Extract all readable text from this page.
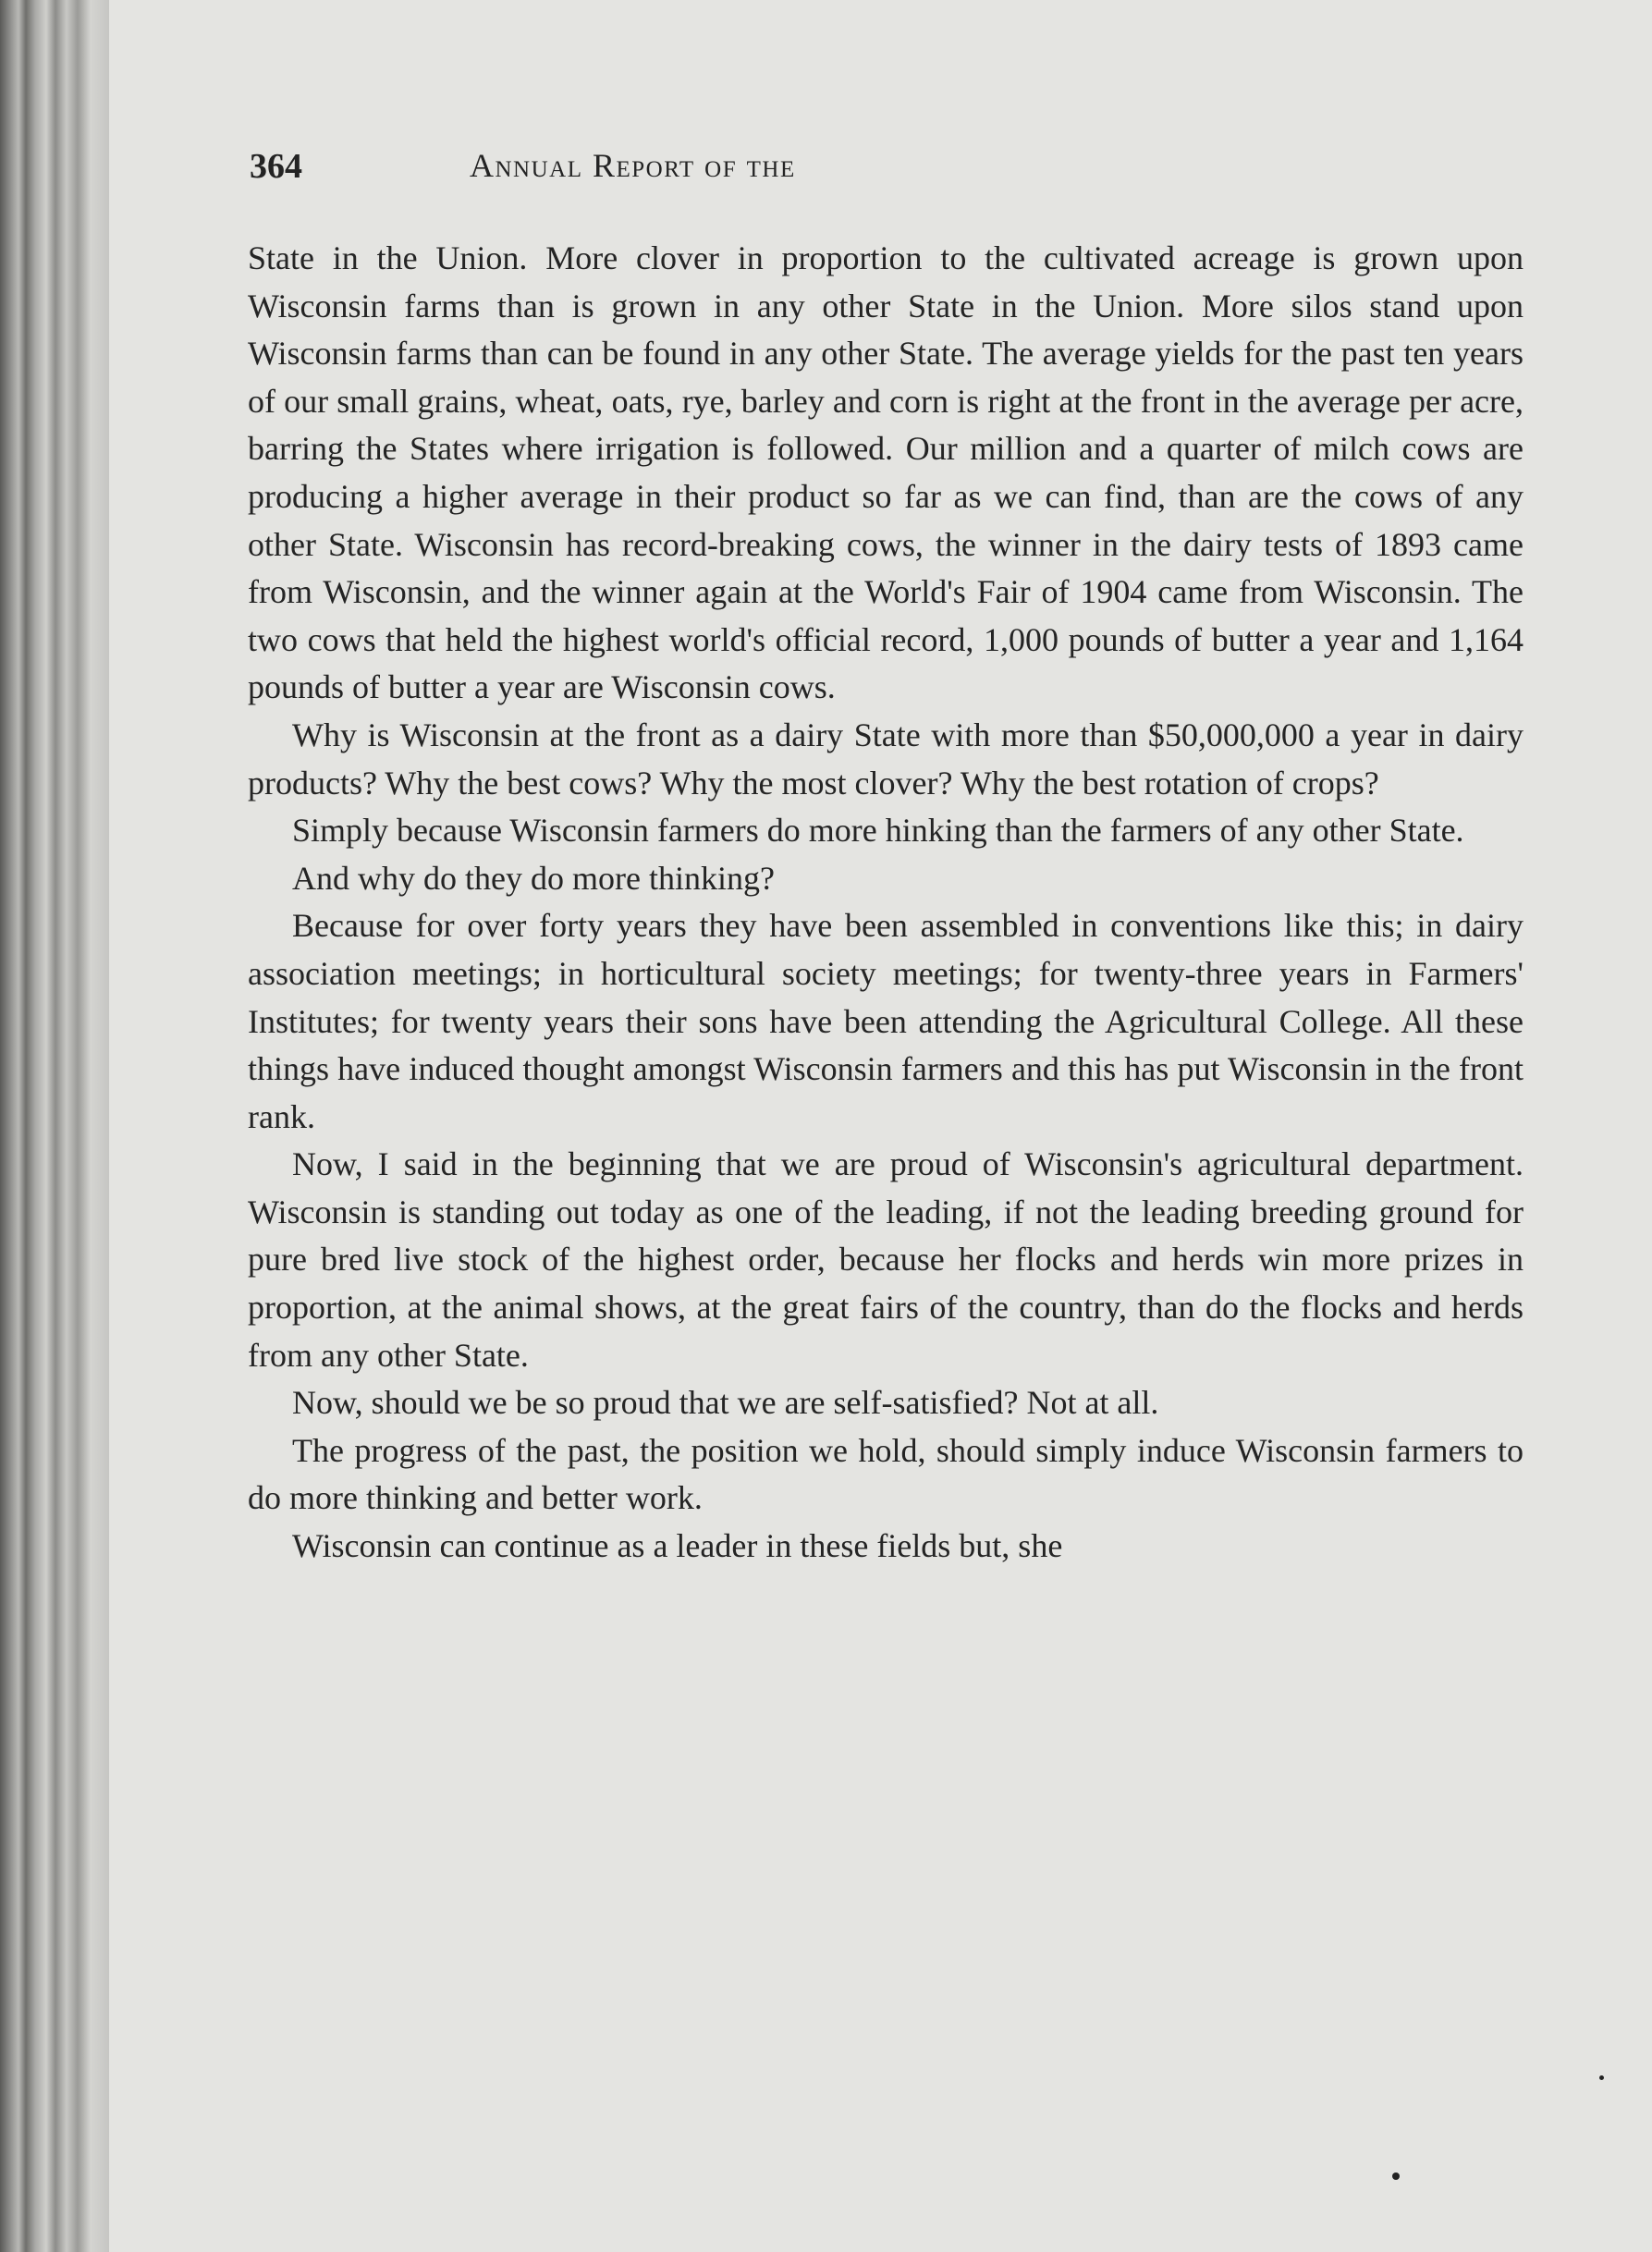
364	Annual Report of the

State in the Union. More clover in proportion to the cultivated acreage is grown upon Wisconsin farms than is grown in any other State in the Union. More silos stand upon Wisconsin farms than can be found in any other State. The average yields for the past ten years of our small grains, wheat, oats, rye, barley and corn is right at the front in the average per acre, barring the States where irrigation is followed. Our million and a quarter of milch cows are producing a higher average in their product so far as we can find, than are the cows of any other State. Wisconsin has record-breaking cows, the winner in the dairy tests of 1893 came from Wisconsin, and the winner again at the World's Fair of 1904 came from Wisconsin. The two cows that held the highest world's official record, 1,000 pounds of butter a year and 1,164 pounds of butter a year are Wisconsin cows.

Why is Wisconsin at the front as a dairy State with more than $50,000,000 a year in dairy products? Why the best cows? Why the most clover? Why the best rotation of crops?

Simply because Wisconsin farmers do more hinking than the farmers of any other State.

And why do they do more thinking?

Because for over forty years they have been assembled in conventions like this; in dairy association meetings; in horticultural society meetings; for twenty-three years in Farmers' Institutes; for twenty years their sons have been attending the Agricultural College. All these things have induced thought amongst Wisconsin farmers and this has put Wisconsin in the front rank.

Now, I said in the beginning that we are proud of Wisconsin's agricultural department. Wisconsin is standing out today as one of the leading, if not the leading breeding ground for pure bred live stock of the highest order, because her flocks and herds win more prizes in proportion, at the animal shows, at the great fairs of the country, than do the flocks and herds from any other State.

Now, should we be so proud that we are self-satisfied? Not at all.

The progress of the past, the position we hold, should simply induce Wisconsin farmers to do more thinking and better work.

Wisconsin can continue as a leader in these fields but, she
